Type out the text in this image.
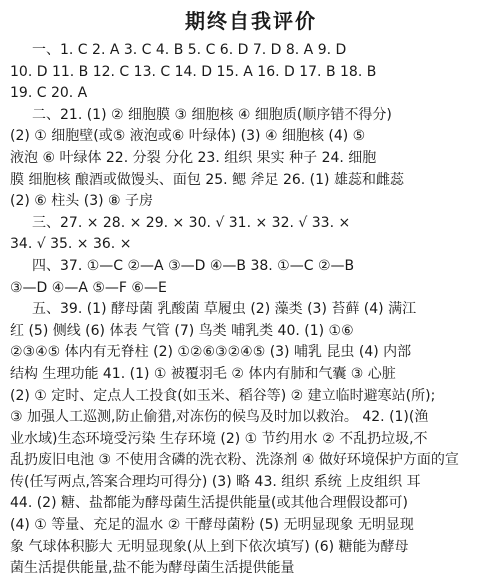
期终自我评价
一、1. C 2. A 3. C 4. B 5. C 6. D 7. D 8. A 9. D
10. D 11. B 12. C 13. C 14. D 15. A 16. D 17. B 18. B
19. C 20. A
二、21. (1) ② 细胞膜 ③ 细胞核 ④ 细胞质(顺序错不得分)
(2) ① 细胞壁(或⑤ 液泡或⑥ 叶绿体) (3) ④ 细胞核 (4) ⑤
液泡 ⑥ 叶绿体 22. 分裂 分化 23. 组织 果实 种子 24. 细胞
膜 细胞核 酿酒或做馒头、面包 25. 鳃 斧足 26. (1) 雄蕊和雌蕊
(2) ⑥ 柱头 (3) ⑧ 子房
三、27. × 28. × 29. × 30. √ 31. × 32. √ 33. ×
34. √ 35. × 36. ×
四、37. ①—C ②—A ③—D ④—B 38. ①—C ②—B
③—D ④—A ⑤—F ⑥—E
五、39. (1) 酵母菌 乳酸菌 草履虫 (2) 藻类 (3) 苔藓 (4) 满江
红 (5) 侧线 (6) 体表 气管 (7) 鸟类 哺乳类 40. (1) ①⑥
②③④⑤ 体内有无脊柱 (2) ①②⑥③②④⑤ (3) 哺乳 昆虫 (4) 内部
结构 生理功能 41. (1) ① 被覆羽毛 ② 体内有肺和气囊 ③ 心脏
(2) ① 定时、定点人工投食(如玉米、稻谷等) ② 建立临时避寒站(所);
③ 加强人工巡测,防止偷猎,对冻伤的候鸟及时加以救治。 42. (1)(渔
业水域)生态环境受污染 生存环境 (2) ① 节约用水 ② 不乱扔垃圾,不
乱扔废旧电池 ③ 不使用含磷的洗衣粉、洗涤剂 ④ 做好环境保护方面的宣
传(任写两点,答案合理均可得分) (3) 略 43. 组织 系统 上皮组织 耳
44. (2) 糖、盐都能为酵母菌生活提供能量(或其他合理假设都可)
(4) ① 等量、充足的温水 ② 干酵母菌粉 (5) 无明显现象 无明显现
象 气球体积膨大 无明显现象(从上到下依次填写) (6) 糖能为酵母
菌生活提供能量,盐不能为酵母菌生活提供能量
